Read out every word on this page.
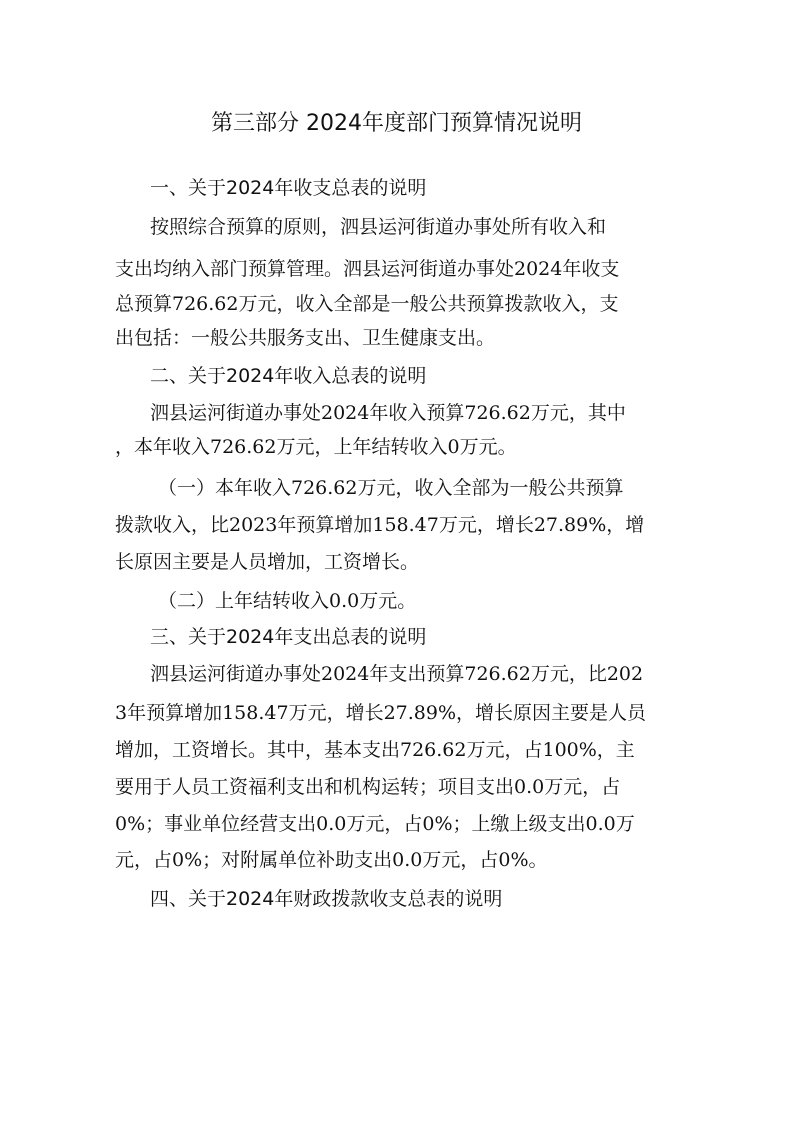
第三部分 2024年度部门预算情况说明
一、关于2024年收支总表的说明
按照综合预算的原则，泗县运河街道办事处所有收入和
支出均纳入部门预算管理。泗县运河街道办事处2024年收支
总预算726.62万元，收入全部是一般公共预算拨款收入，支
出包括：一般公共服务支出、卫生健康支出。
二、关于2024年收入总表的说明
泗县运河街道办事处2024年收入预算726.62万元，其中
，本年收入726.62万元，上年结转收入0万元。
（一）本年收入726.62万元，收入全部为一般公共预算
拨款收入，比2023年预算增加158.47万元，增长27.89%，增
长原因主要是人员增加，工资增长。
（二）上年结转收入0.0万元。
三、关于2024年支出总表的说明
泗县运河街道办事处2024年支出预算726.62万元，比202
3年预算增加158.47万元，增长27.89%，增长原因主要是人员
增加，工资增长。其中，基本支出726.62万元，占100%，主
要用于人员工资福利支出和机构运转；项目支出0.0万元，占
0%；事业单位经营支出0.0万元，占0%；上缴上级支出0.0万
元，占0%；对附属单位补助支出0.0万元，占0%。
四、关于2024年财政拨款收支总表的说明
